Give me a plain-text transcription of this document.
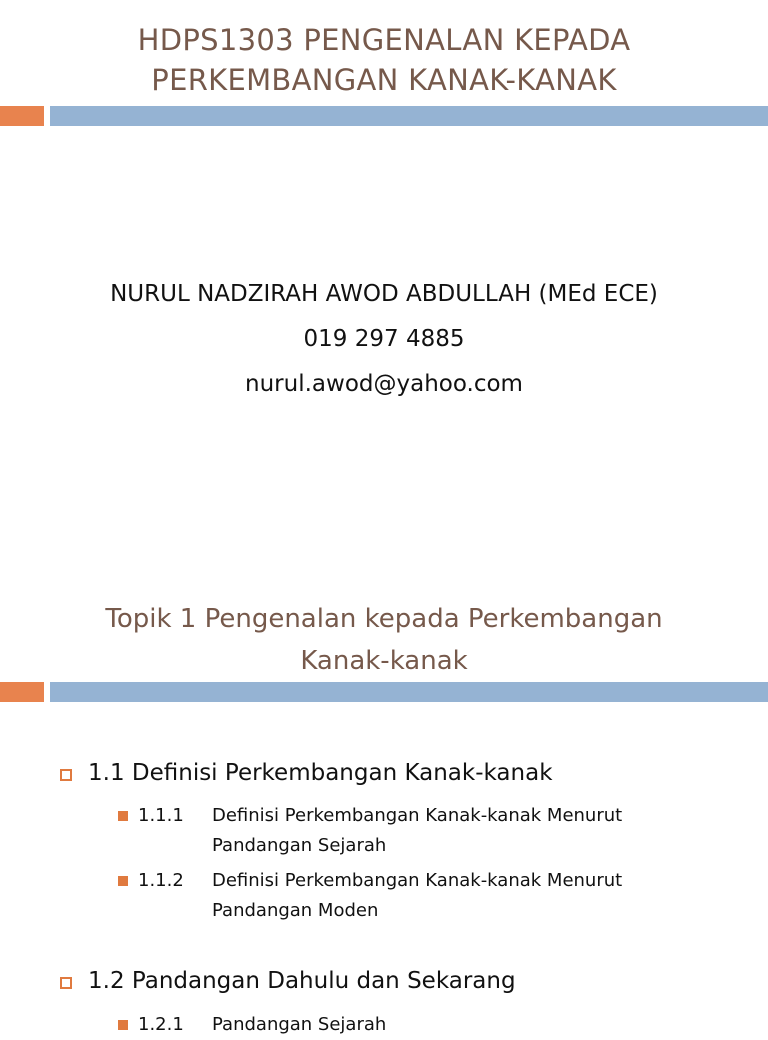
HDPS1303 PENGENALAN KEPADA
PERKEMBANGAN KANAK-KANAK
NURUL NADZIRAH AWOD ABDULLAH (MEd ECE)
019 297 4885
nurul.awod@yahoo.com
Topik 1 Pengenalan kepada Perkembangan
Kanak-kanak
1.1 Definisi Perkembangan Kanak-kanak
1.1.1 Definisi Perkembangan Kanak-kanak Menurut Pandangan Sejarah
1.1.2 Definisi Perkembangan Kanak-kanak Menurut Pandangan Moden
1.2 Pandangan Dahulu dan Sekarang
1.2.1 Pandangan Sejarah
